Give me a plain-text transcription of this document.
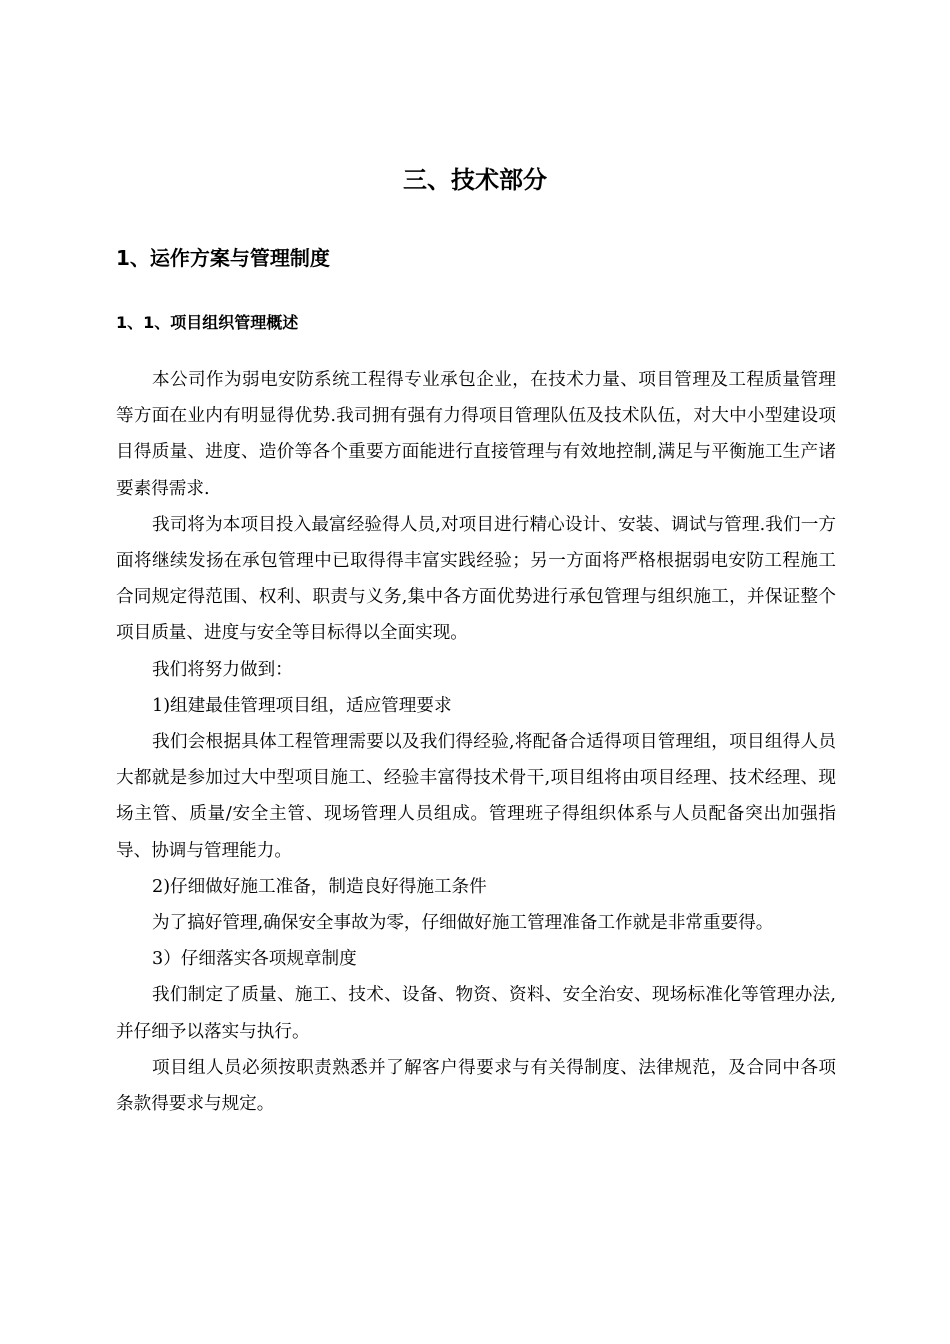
三、技术部分
1、运作方案与管理制度
1、1、项目组织管理概述

本公司作为弱电安防系统工程得专业承包企业，在技术力量、项目管理及工程质量管理等方面在业内有明显得优势.我司拥有强有力得项目管理队伍及技术队伍，对大中小型建设项目得质量、进度、造价等各个重要方面能进行直接管理与有效地控制,满足与平衡施工生产诸要素得需求.

我司将为本项目投入最富经验得人员,对项目进行精心设计、安装、调试与管理.我们一方面将继续发扬在承包管理中已取得得丰富实践经验；另一方面将严格根据弱电安防工程施工合同规定得范围、权利、职责与义务,集中各方面优势进行承包管理与组织施工，并保证整个项目质量、进度与安全等目标得以全面实现。

我们将努力做到：

1)组建最佳管理项目组，适应管理要求

我们会根据具体工程管理需要以及我们得经验,将配备合适得项目管理组，项目组得人员大都就是参加过大中型项目施工、经验丰富得技术骨干,项目组将由项目经理、技术经理、现场主管、质量/安全主管、现场管理人员组成。管理班子得组织体系与人员配备突出加强指导、协调与管理能力。

2)仔细做好施工准备，制造良好得施工条件

为了搞好管理,确保安全事故为零，仔细做好施工管理准备工作就是非常重要得。

3）仔细落实各项规章制度

我们制定了质量、施工、技术、设备、物资、资料、安全治安、现场标准化等管理办法,并仔细予以落实与执行。

项目组人员必须按职责熟悉并了解客户得要求与有关得制度、法律规范，及合同中各项条款得要求与规定。
